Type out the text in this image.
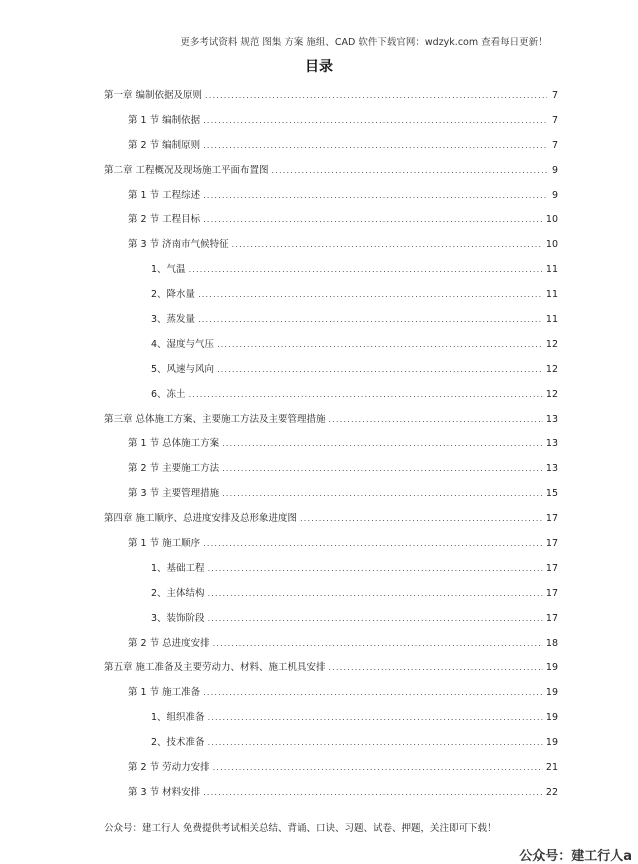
更多考试资料 规范 图集 方案 施组、CAD 软件下载官网：wdzyk.com 查看每日更新！
目录
第一章 编制依据及原则 .....	7
第 1 节 编制依据 .....	7
第 2 节 编制原则 .....	7
第二章 工程概况及现场施工平面布置图 .....	9
第 1 节 工程综述 .....	9
第 2 节 工程目标 .....	10
第 3 节 济南市气候特征 .....	10
1、 气温 .....	11
2、 降水量 .....	11
3、 蒸发量 .....	11
4、 湿度与气压 .....	12
5、 风速与风向 .....	12
6、 冻土 .....	12
第三章 总体施工方案、主要施工方法及主要管理措施 .....	13
第 1 节 总体施工方案 .....	13
第 2 节 主要施工方法 .....	13
第 3 节 主要管理措施 .....	15
第四章 施工顺序、总进度安排及总形象进度图 .....	17
第 1 节 施工顺序 .....	17
1、 基础工程 .....	17
2、 主体结构 .....	17
3、 装饰阶段 .....	17
第 2 节 总进度安排 .....	18
第五章 施工准备及主要劳动力、材料、施工机具安排 .....	19
第 1 节 施工准备 .....	19
1、 组织准备 .....	19
2、 技术准备 .....	19
第 2 节 劳动力安排 .....	21
第 3 节 材料安排 .....	22
公众号：建工行人 免费提供考试相关总结、背诵、口诀、习题、试卷、押题，关注即可下载！
公众号：建工行人a
